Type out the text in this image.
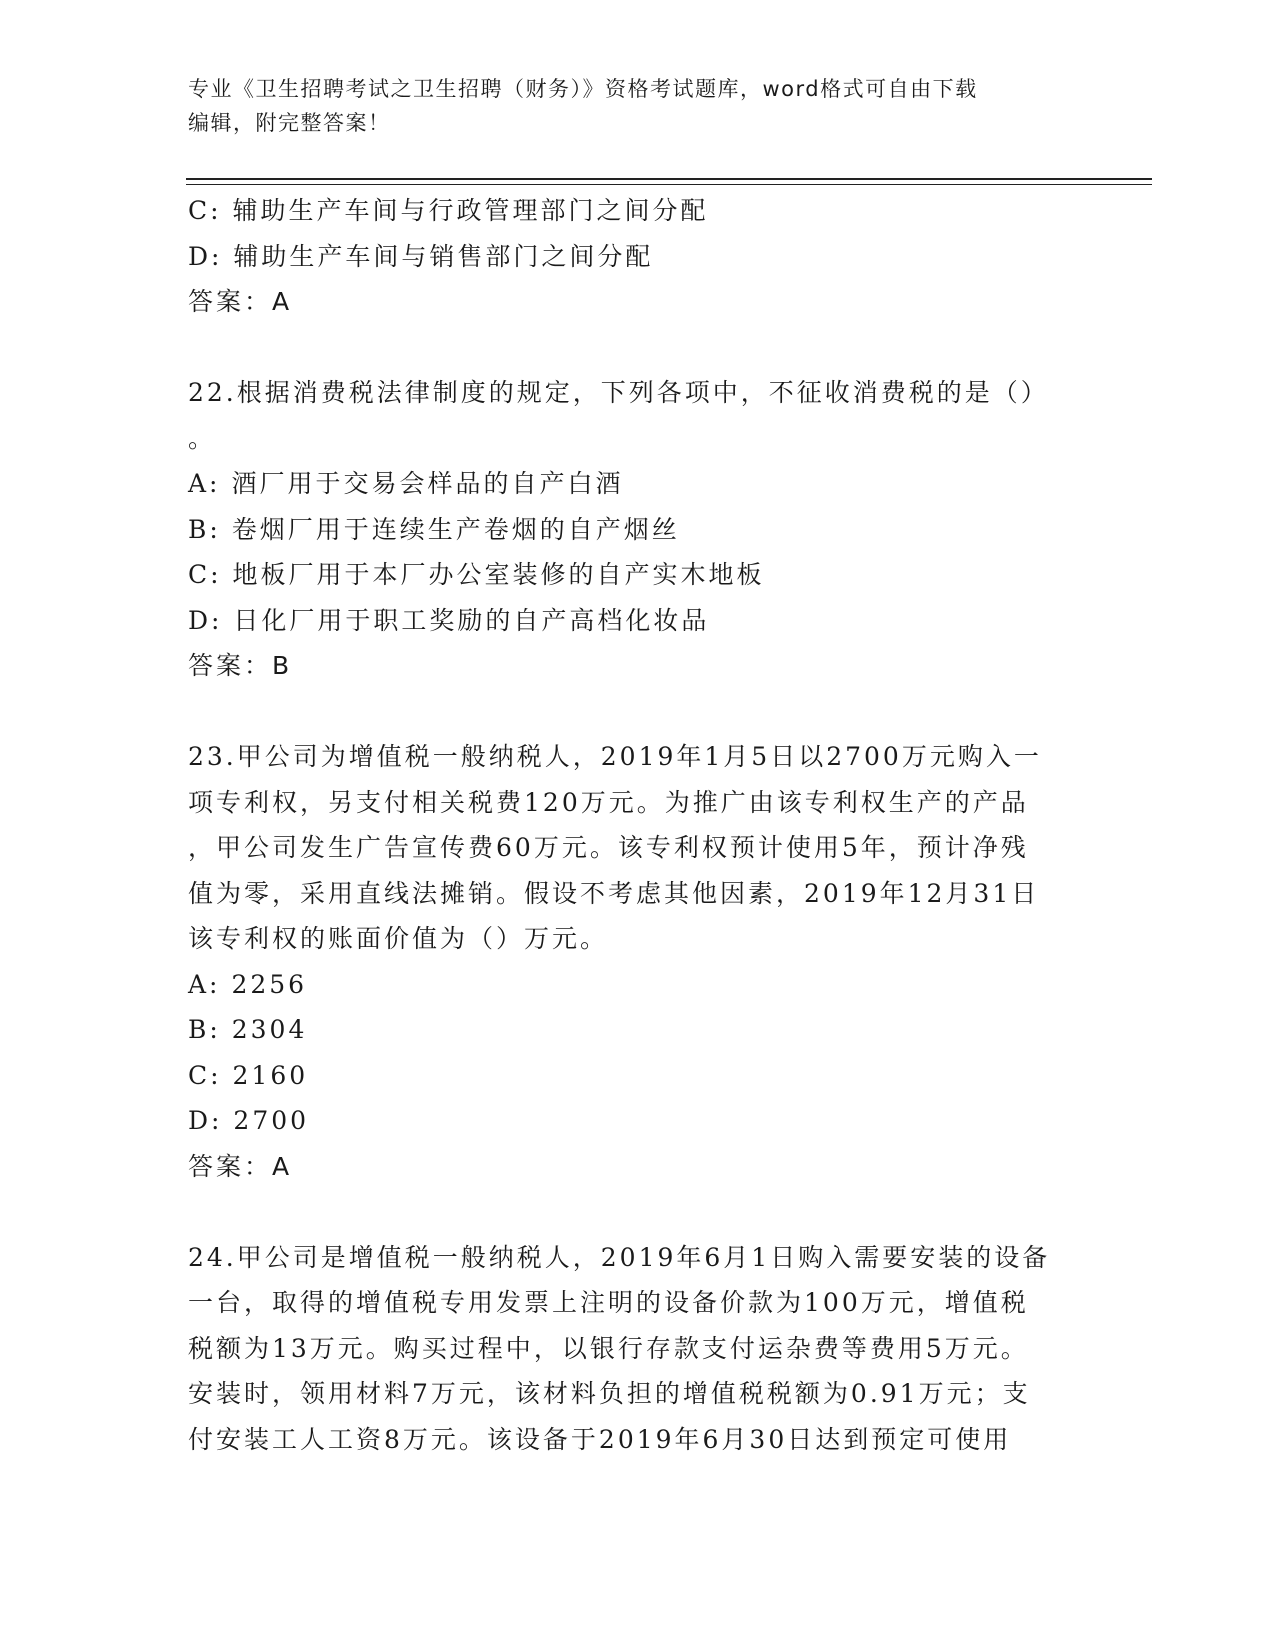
专业《卫生招聘考试之卫生招聘（财务）》资格考试题库，word格式可自由下载
编辑，附完整答案！
C: 辅助生产车间与行政管理部门之间分配
D: 辅助生产车间与销售部门之间分配
答案：A
22.根据消费税法律制度的规定，下列各项中，不征收消费税的是（）
。
A: 酒厂用于交易会样品的自产白酒
B: 卷烟厂用于连续生产卷烟的自产烟丝
C: 地板厂用于本厂办公室装修的自产实木地板
D: 日化厂用于职工奖励的自产高档化妆品
答案：B
23.甲公司为增值税一般纳税人，2019年1月5日以2700万元购入一
项专利权，另支付相关税费120万元。为推广由该专利权生产的产品
，甲公司发生广告宣传费60万元。该专利权预计使用5年，预计净残
值为零，采用直线法摊销。假设不考虑其他因素，2019年12月31日
该专利权的账面价值为（）万元。
A: 2256
B: 2304
C: 2160
D: 2700
答案：A
24.甲公司是增值税一般纳税人，2019年6月1日购入需要安装的设备
一台，取得的增值税专用发票上注明的设备价款为100万元，增值税
税额为13万元。购买过程中，以银行存款支付运杂费等费用5万元。
安装时，领用材料7万元，该材料负担的增值税税额为0.91万元；支
付安装工人工资8万元。该设备于2019年6月30日达到预定可使用
